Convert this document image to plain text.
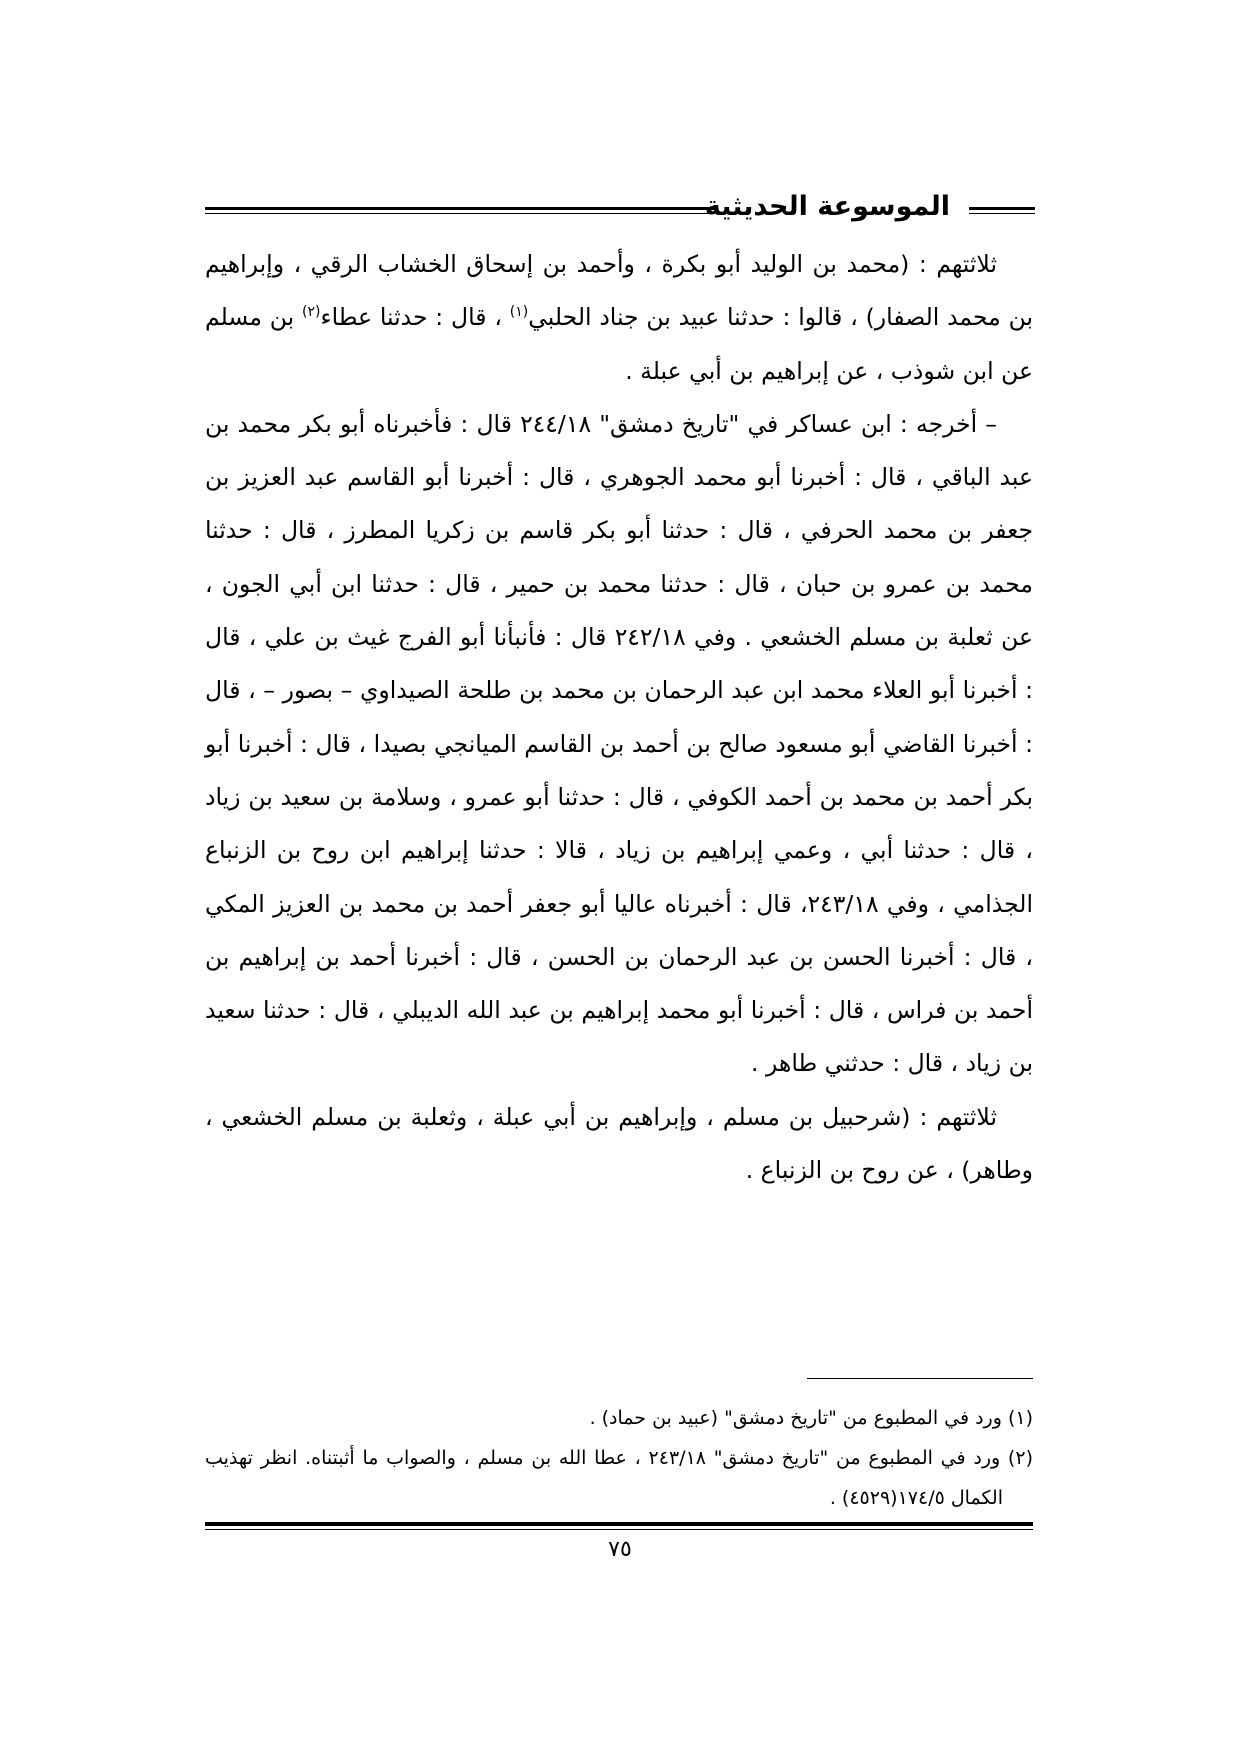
الموسوعة الحديثية

ثلاثتهم : (محمد بن الوليد أبو بكرة ، وأحمد بن إسحاق الخشاب الرقي ، وإبراهيم بن محمد الصفار) ، قالوا : حدثنا عبيد بن جناد الحلبي$^{(١)}$ ، قال : حدثنا عطاء$^{(٢)}$ بن مسلم عن ابن شوذب ، عن إبراهيم بن أبي عبلة .

– أخرجه : ابن عساكر في "تاريخ دمشق" ٢٤٤/١٨ قال : فأخبرناه أبو بكر محمد بن عبد الباقي ، قال : أخبرنا أبو محمد الجوهري ، قال : أخبرنا أبو القاسم عبد العزيز بن جعفر بن محمد الحرفي ، قال : حدثنا أبو بكر قاسم بن زكريا المطرز ، قال : حدثنا محمد بن عمرو بن حبان ، قال : حدثنا محمد بن حمير ، قال : حدثنا ابن أبي الجون ، عن ثعلبة بن مسلم الخشعي . وفي ٢٤٢/١٨ قال : فأنبأنا أبو الفرج غيث بن علي ، قال : أخبرنا أبو العلاء محمد ابن عبد الرحمان بن محمد بن طلحة الصيداوي – بصور – ، قال : أخبرنا القاضي أبو مسعود صالح بن أحمد بن القاسم الميانجي بصيدا ، قال : أخبرنا أبو بكر أحمد بن محمد بن أحمد الكوفي ، قال : حدثنا أبو عمرو ، وسلامة بن سعيد بن زياد ، قال : حدثنا أبي ، وعمي إبراهيم بن زياد ، قالا : حدثنا إبراهيم ابن روح بن الزنباع الجذامي ، وفي ٢٤٣/١٨، قال : أخبرناه عاليا أبو جعفر أحمد بن محمد بن العزيز المكي ، قال : أخبرنا الحسن بن عبد الرحمان بن الحسن ، قال : أخبرنا أحمد بن إبراهيم بن أحمد بن فراس ، قال : أخبرنا أبو محمد إبراهيم بن عبد الله الديبلي ، قال : حدثنا سعيد بن زياد ، قال : حدثني طاهر .

ثلاثتهم : (شرحبيل بن مسلم ، وإبراهيم بن أبي عبلة ، وثعلبة بن مسلم الخشعي ، وطاهر) ، عن روح بن الزنباع .

(١) ورد في المطبوع من "تاريخ دمشق" (عبيد بن حماد) .

(٢) ورد في المطبوع من "تاريخ دمشق" ٢٤٣/١٨ ، عطا الله بن مسلم ، والصواب ما أثبتناه. انظر تهذيب الكمال ١٧٤/٥(٤٥٢٩) .

٧٥
